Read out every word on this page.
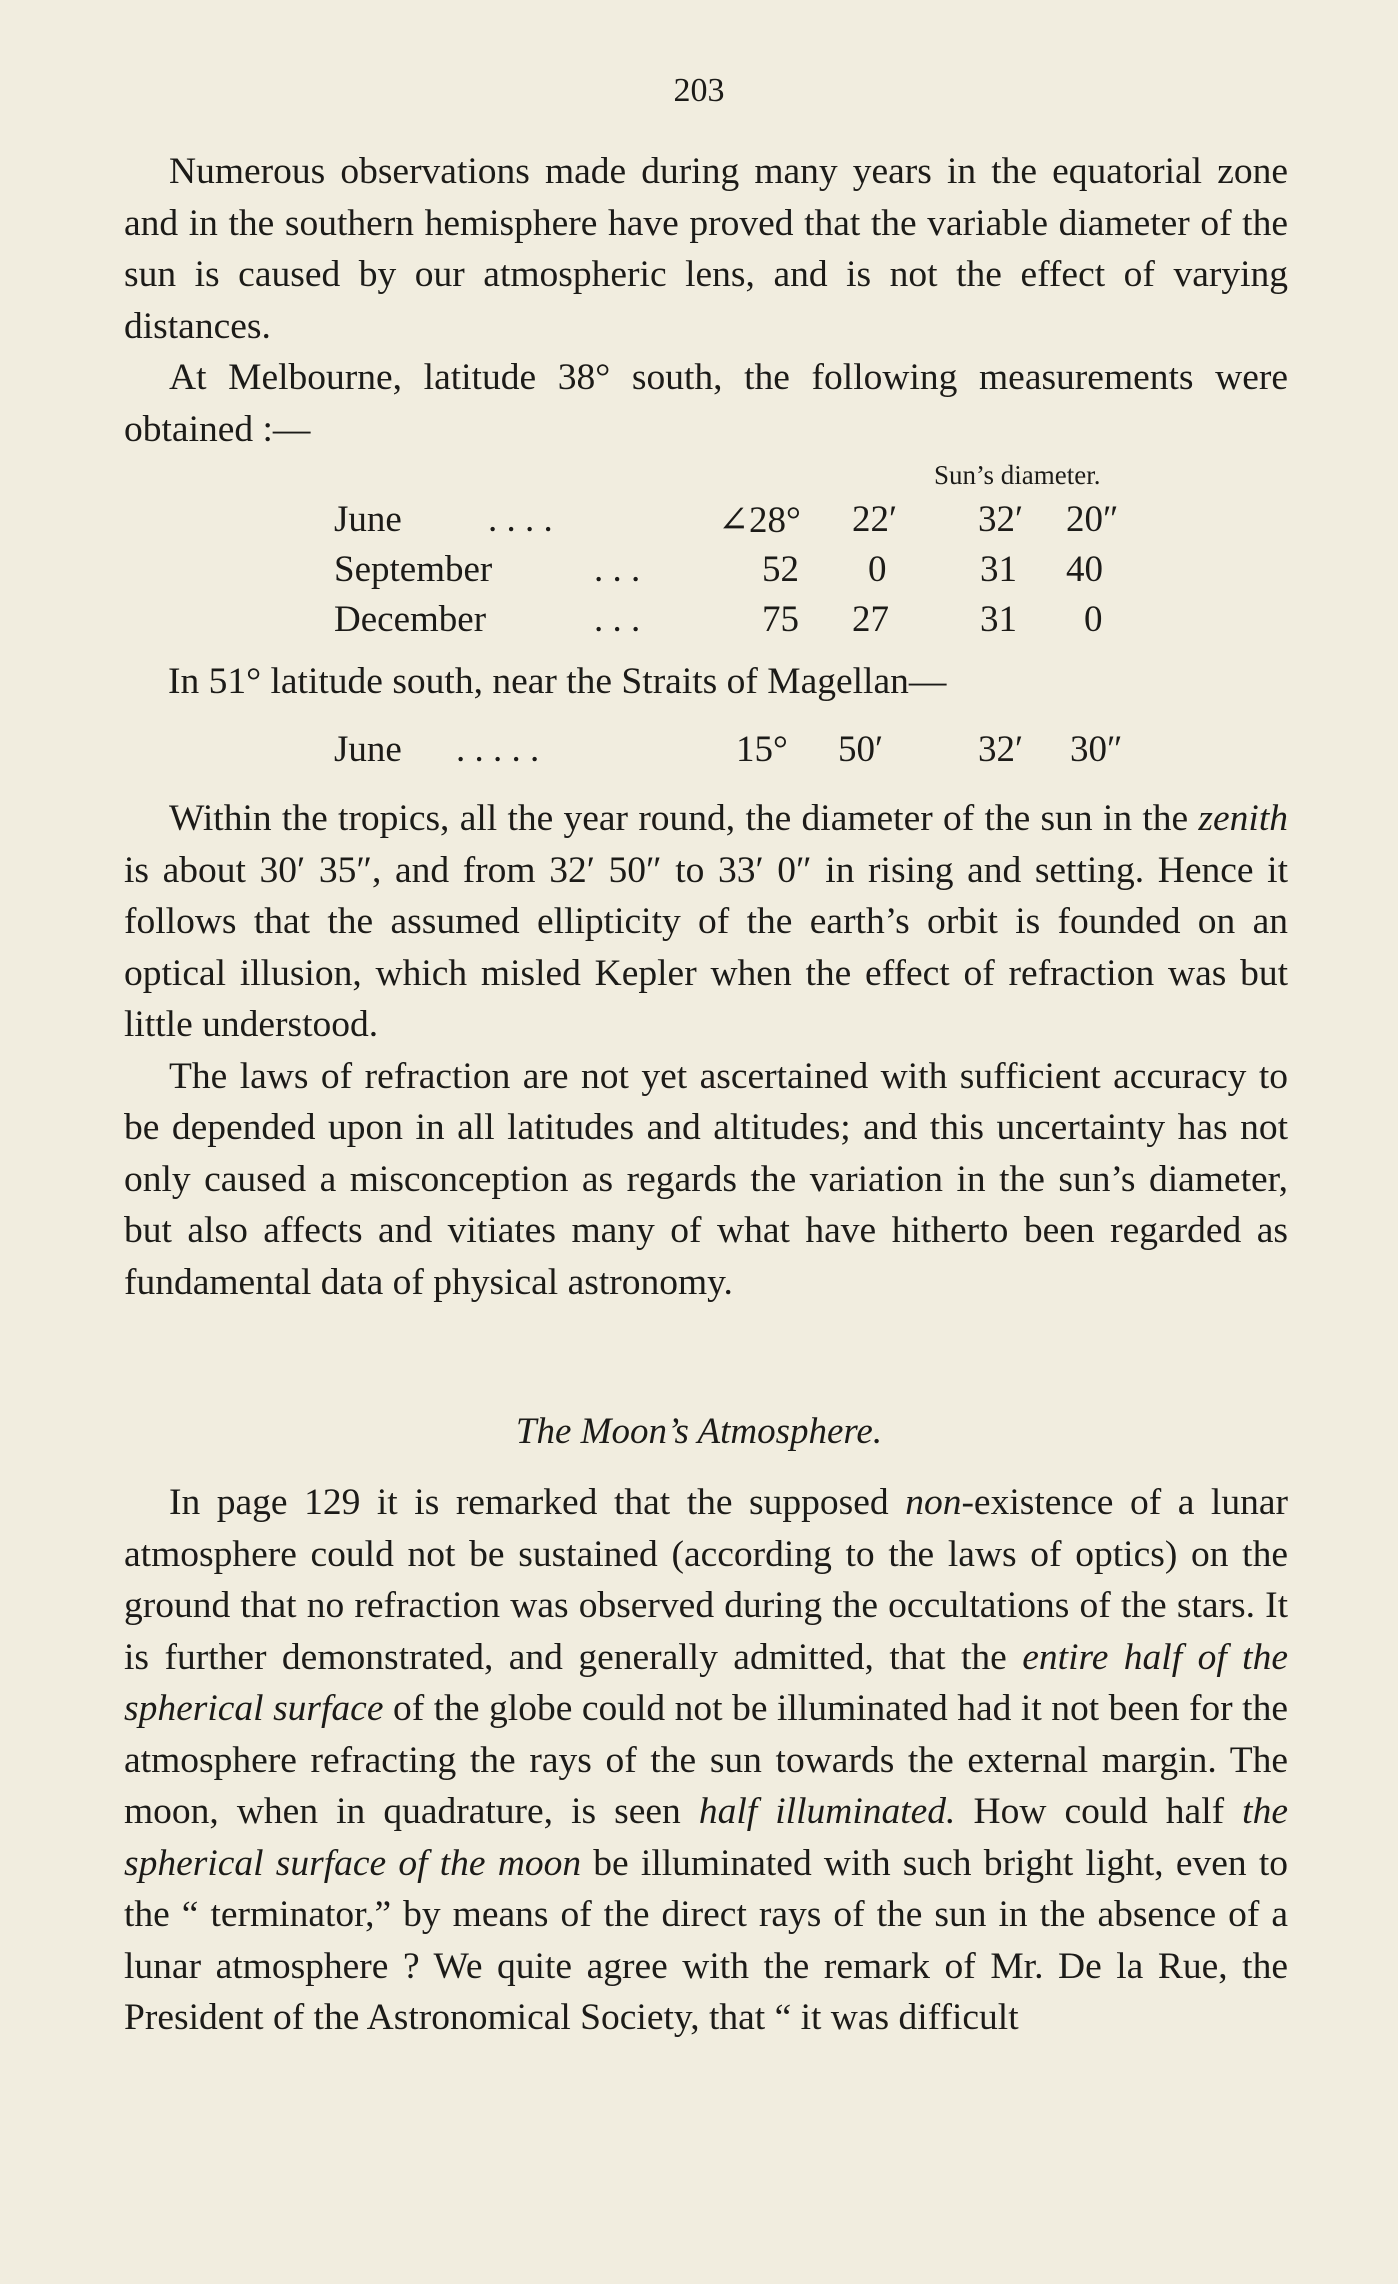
203

Numerous observations made during many years in the equatorial zone and in the southern hemisphere have proved that the variable diameter of the sun is caused by our atmospheric lens, and is not the effect of varying distances.

At Melbourne, latitude 38° south, the following measurements were obtained :—

Sun’s diameter.
June . . . .	∠28° 22′ 32′ 20″
September	. . .	52 0	31 40
December	. . .	75 27 31 0
In 51° latitude south, near the Straits of Magellan—
June . . . . .	15° 50′	32′ 30″

Within the tropics, all the year round, the diameter of the sun in the zenith is about 30′ 35″, and from 32′ 50″ to 33′ 0″ in rising and setting. Hence it follows that the assumed ellipticity of the earth’s orbit is founded on an optical illusion, which misled Kepler when the effect of refraction was but little understood.

The laws of refraction are not yet ascertained with sufficient accuracy to be depended upon in all latitudes and altitudes; and this uncertainty has not only caused a misconception as regards the variation in the sun’s diameter, but also affects and vitiates many of what have hitherto been regarded as fundamental data of physical astronomy.

The Moon’s Atmosphere.

In page 129 it is remarked that the supposed non-existence of a lunar atmosphere could not be sustained (according to the laws of optics) on the ground that no refraction was observed during the occultations of the stars. It is further demonstrated, and generally admitted, that the entire half of the spherical surface of the globe could not be illuminated had it not been for the atmosphere refracting the rays of the sun towards the external margin. The moon, when in quadrature, is seen half illuminated. How could half the spherical surface of the moon be illuminated with such bright light, even to the “ terminator,” by means of the direct rays of the sun in the absence of a lunar atmosphere ? We quite agree with the remark of Mr. De la Rue, the President of the Astronomical Society, that “ it was difficult
